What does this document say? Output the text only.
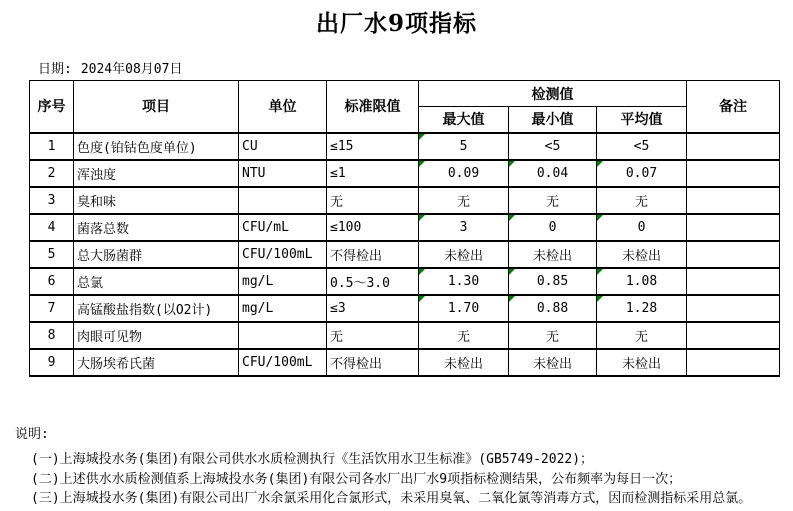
出厂水9项指标
日期: 2024年08月07日
序号	项目	单位	标准限值	检测值			备注
				最大值	最小值	平均值	
1	色度(铂钴色度单位)	CU	≤15	5	<5	<5	
2	浑浊度	NTU	≤1	0.09	0.04	0.07	
3	臭和味		无	无	无	无	
4	菌落总数	CFU/mL	≤100	3	0	0	
5	总大肠菌群	CFU/100mL	不得检出	未检出	未检出	未检出	
6	总氯	mg/L	0.5～3.0	1.30	0.85	1.08	
7	高锰酸盐指数(以O2计)	mg/L	≤3	1.70	0.88	1.28	
8	肉眼可见物		无	无	无	无	
9	大肠埃希氏菌	CFU/100mL	不得检出	未检出	未检出	未检出	
说明:
(一)上海城投水务(集团)有限公司供水水质检测执行《生活饮用水卫生标准》(GB5749-2022)；
(二)上述供水水质检测值系上海城投水务(集团)有限公司各水厂出厂水9项指标检测结果，公布频率为每日一次；
(三)上海城投水务(集团)有限公司出厂水余氯采用化合氯形式，未采用臭氧、二氧化氯等消毒方式，因而检测指标采用总氯。
